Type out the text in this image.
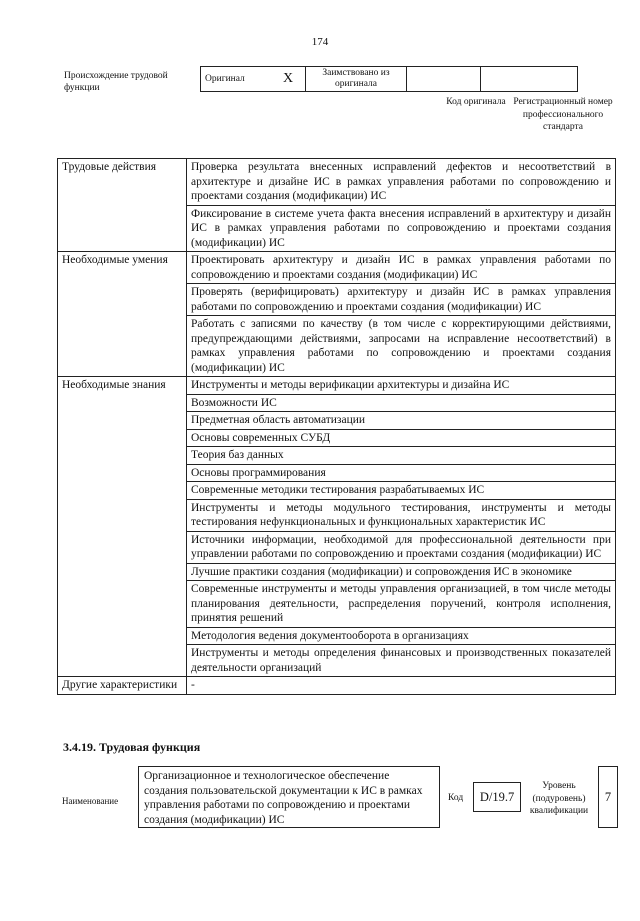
174
Происхождение трудовой функции
Оригинал	X	Заимствовано из оригинала		
Код оригинала Регистрационный номер профессионального стандарта
Трудовые действия	Проверка результата внесенных исправлений дефектов и несоответствий в архитектуре и дизайне ИС в рамках управления работами по сопровождению и проектами создания (модификации) ИС
	Фиксирование в системе учета факта внесения исправлений в архитектуру и дизайн ИС в рамках управления работами по сопровождению и проектами создания (модификации) ИС
Необходимые умения	Проектировать архитектуру и дизайн ИС в рамках управления работами по сопровождению и проектами создания (модификации) ИС
	Проверять (верифицировать) архитектуру и дизайн ИС в рамках управления работами по сопровождению и проектами создания (модификации) ИС
	Работать с записями по качеству (в том числе с корректирующими действиями, предупреждающими действиями, запросами на исправление несоответствий) в рамках управления работами по сопровождению и проектами создания (модификации) ИС
Необходимые знания	Инструменты и методы верификации архитектуры и дизайна ИС
	Возможности ИС
	Предметная область автоматизации
	Основы современных СУБД
	Теория баз данных
	Основы программирования
	Современные методики тестирования разрабатываемых ИС
	Инструменты и методы модульного тестирования, инструменты и методы тестирования нефункциональных и функциональных характеристик ИС
	Источники информации, необходимой для профессиональной деятельности при управлении работами по сопровождению и проектами создания (модификации) ИС
	Лучшие практики создания (модификации) и сопровождения ИС в экономике
	Современные инструменты и методы управления организацией, в том числе методы планирования деятельности, распределения поручений, контроля исполнения, принятия решений
	Методология ведения документооборота в организациях
	Инструменты и методы определения финансовых и производственных показателей деятельности организаций
Другие характеристики	-
3.4.19. Трудовая функция
Наименование
Организационное и технологическое обеспечение создания пользовательской документации к ИС в рамках управления работами по сопровождению и проектами создания (модификации) ИС
Код	D/19.7
Уровень (подуровень) квалификации
7
